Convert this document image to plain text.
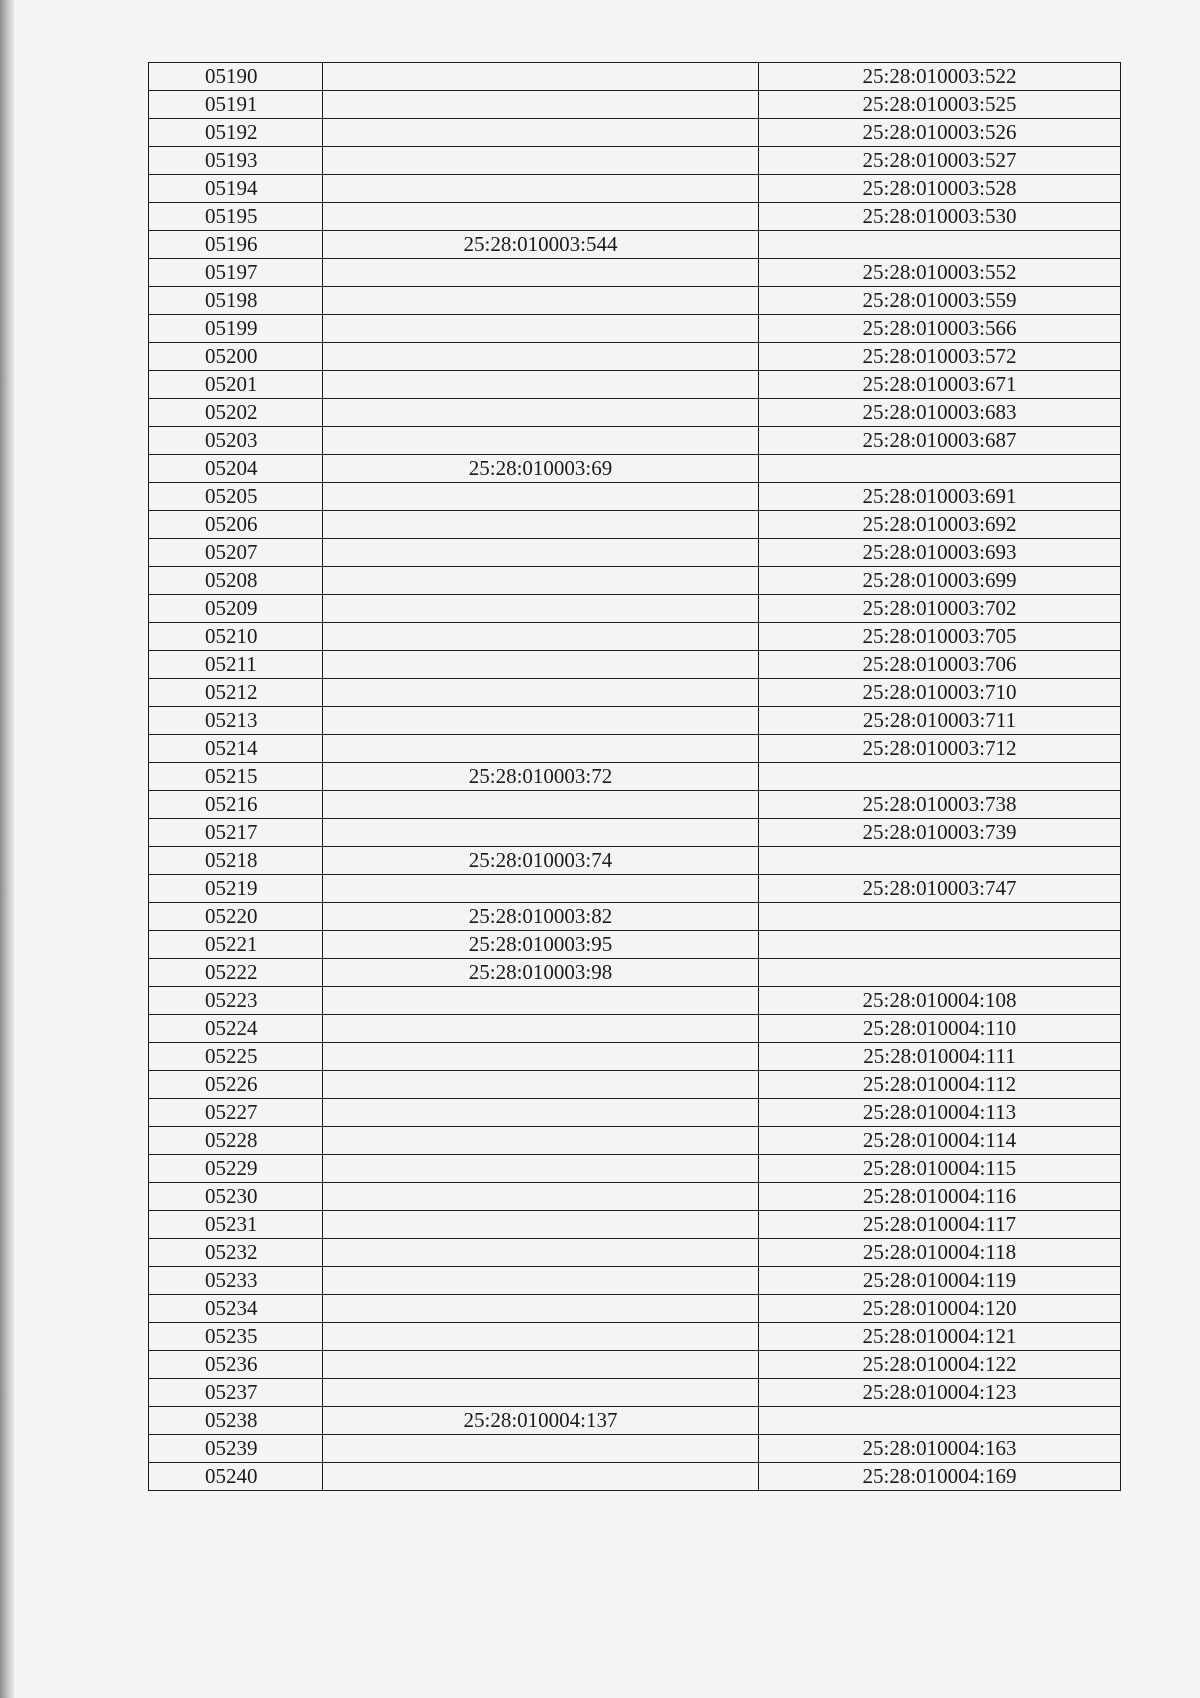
05190		25:28:010003:522
05191		25:28:010003:525
05192		25:28:010003:526
05193		25:28:010003:527
05194		25:28:010003:528
05195		25:28:010003:530
05196	25:28:010003:544	
05197		25:28:010003:552
05198		25:28:010003:559
05199		25:28:010003:566
05200		25:28:010003:572
05201		25:28:010003:671
05202		25:28:010003:683
05203		25:28:010003:687
05204	25:28:010003:69	
05205		25:28:010003:691
05206		25:28:010003:692
05207		25:28:010003:693
05208		25:28:010003:699
05209		25:28:010003:702
05210		25:28:010003:705
05211		25:28:010003:706
05212		25:28:010003:710
05213		25:28:010003:711
05214		25:28:010003:712
05215	25:28:010003:72	
05216		25:28:010003:738
05217		25:28:010003:739
05218	25:28:010003:74	
05219		25:28:010003:747
05220	25:28:010003:82	
05221	25:28:010003:95	
05222	25:28:010003:98	
05223		25:28:010004:108
05224		25:28:010004:110
05225		25:28:010004:111
05226		25:28:010004:112
05227		25:28:010004:113
05228		25:28:010004:114
05229		25:28:010004:115
05230		25:28:010004:116
05231		25:28:010004:117
05232		25:28:010004:118
05233		25:28:010004:119
05234		25:28:010004:120
05235		25:28:010004:121
05236		25:28:010004:122
05237		25:28:010004:123
05238	25:28:010004:137	
05239		25:28:010004:163
05240		25:28:010004:169
